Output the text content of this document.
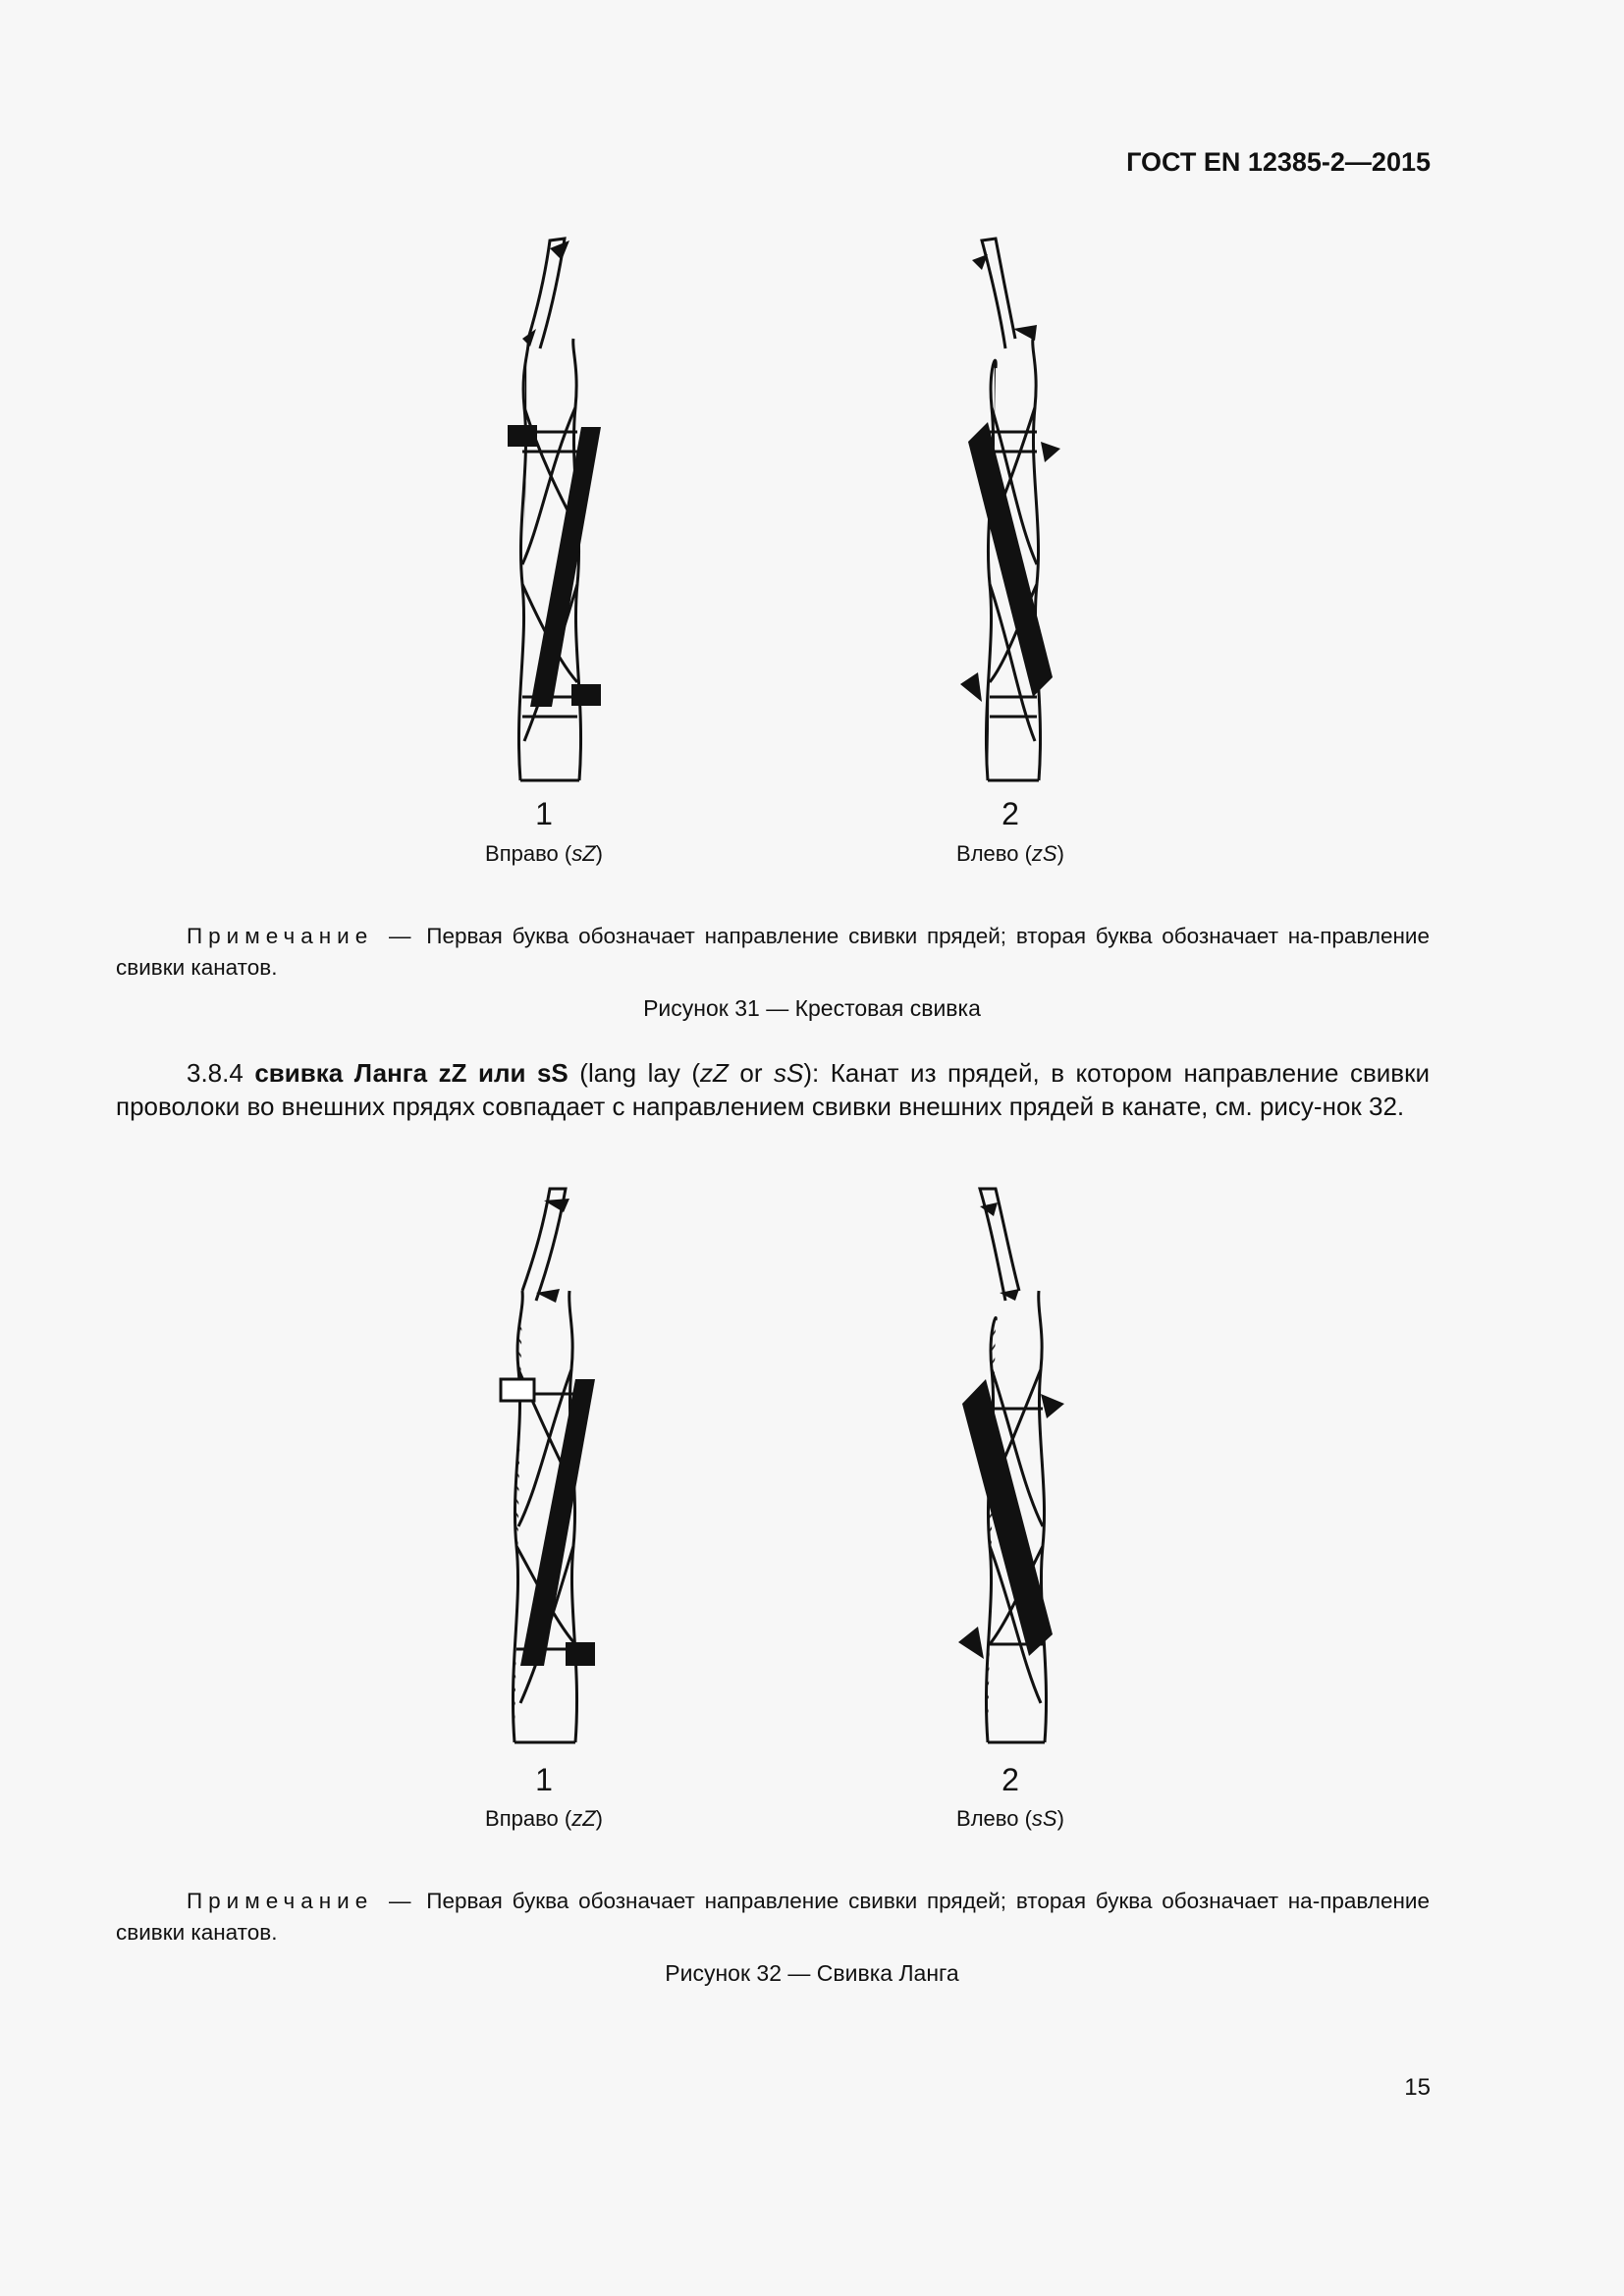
ГОСТ EN 12385-2—2015
1
Вправо (sZ)
2
Влево (zS)
Примечание — Первая буква обозначает направление свивки прядей; вторая буква обозначает на-правление свивки канатов.
Рисунок 31 — Крестовая свивка
3.8.4 свивка Ланга zZ или sS (lang lay (zZ or sS): Канат из прядей, в котором направление свивки проволоки во внешних прядях совпадает с направлением свивки внешних прядей в канате, см. рису-нок 32.
1
Вправо (zZ)
2
Влево (sS)
Примечание — Первая буква обозначает направление свивки прядей; вторая буква обозначает на-правление свивки канатов.
Рисунок 32 — Свивка Ланга
15
